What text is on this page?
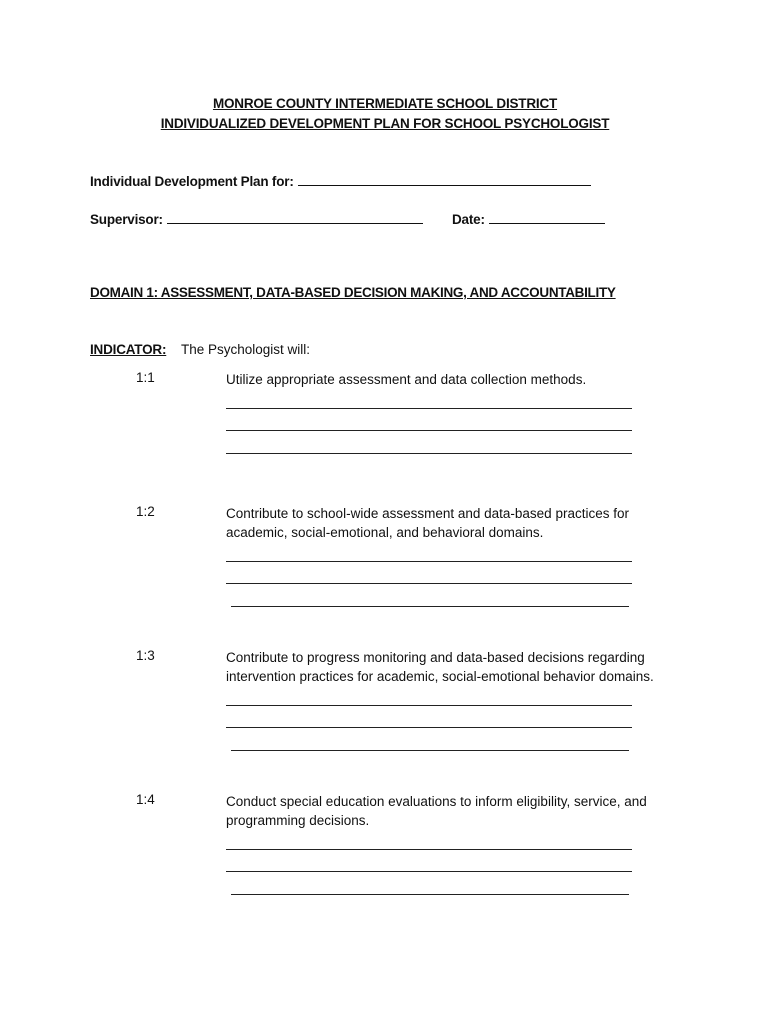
MONROE COUNTY INTERMEDIATE SCHOOL DISTRICT
INDIVIDUALIZED DEVELOPMENT PLAN FOR SCHOOL PSYCHOLOGIST
Individual Development Plan for:
Supervisor:	Date:
DOMAIN 1: ASSESSMENT, DATA-BASED DECISION MAKING, AND ACCOUNTABILITY
INDICATOR: The Psychologist will:
1:1	Utilize appropriate assessment and data collection methods.
1:2	Contribute to school-wide assessment and data-based practices for academic, social-emotional, and behavioral domains.
1:3	Contribute to progress monitoring and data-based decisions regarding intervention practices for academic, social-emotional behavior domains.
1:4	Conduct special education evaluations to inform eligibility, service, and programming decisions.
